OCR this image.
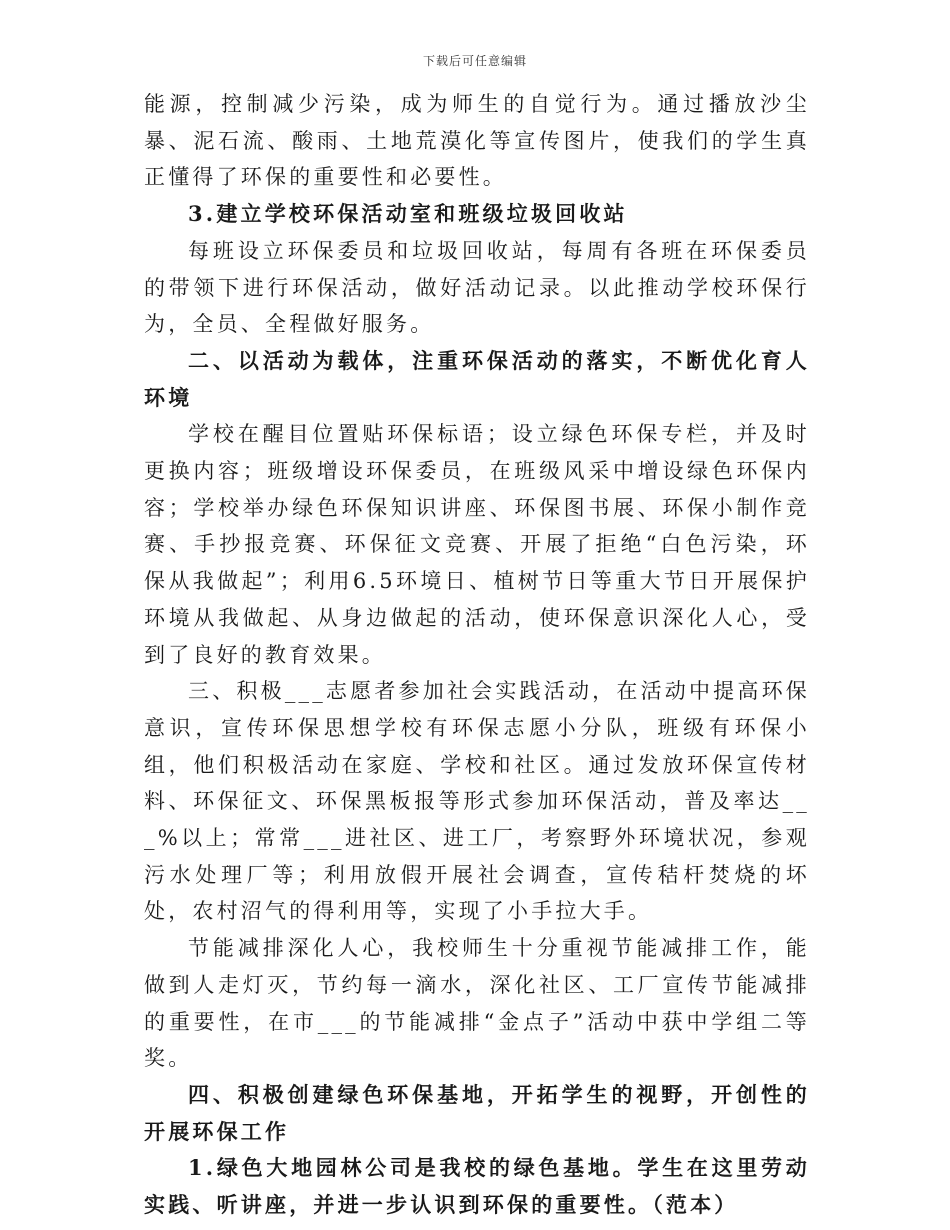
下载后可任意编辑

能源，控制减少污染，成为师生的自觉行为。通过播放沙尘暴、泥石流、酸雨、土地荒漠化等宣传图片，使我们的学生真正懂得了环保的重要性和必要性。

3.建立学校环保活动室和班级垃圾回收站

每班设立环保委员和垃圾回收站，每周有各班在环保委员的带领下进行环保活动，做好活动记录。以此推动学校环保行为，全员、全程做好服务。

二、以活动为载体，注重环保活动的落实，不断优化育人环境

学校在醒目位置贴环保标语；设立绿色环保专栏，并及时更换内容；班级增设环保委员，在班级风采中增设绿色环保内容；学校举办绿色环保知识讲座、环保图书展、环保小制作竞赛、手抄报竞赛、环保征文竞赛、开展了拒绝“白色污染，环保从我做起”；利用6.5环境日、植树节日等重大节日开展保护环境从我做起、从身边做起的活动，使环保意识深化人心，受到了良好的教育效果。

三、积极___志愿者参加社会实践活动，在活动中提高环保意识，宣传环保思想学校有环保志愿小分队，班级有环保小组，他们积极活动在家庭、学校和社区。通过发放环保宣传材料、环保征文、环保黑板报等形式参加环保活动，普及率达___%以上；常常___进社区、进工厂，考察野外环境状况，参观污水处理厂等；利用放假开展社会调查，宣传秸杆焚烧的坏处，农村沼气的得利用等，实现了小手拉大手。

节能减排深化人心，我校师生十分重视节能减排工作，能做到人走灯灭，节约每一滴水，深化社区、工厂宣传节能减排的重要性，在市___的节能减排“金点子”活动中获中学组二等奖。

四、积极创建绿色环保基地，开拓学生的视野，开创性的开展环保工作

1.绿色大地园林公司是我校的绿色基地。学生在这里劳动实践、听讲座，并进一步认识到环保的重要性。（范本）
